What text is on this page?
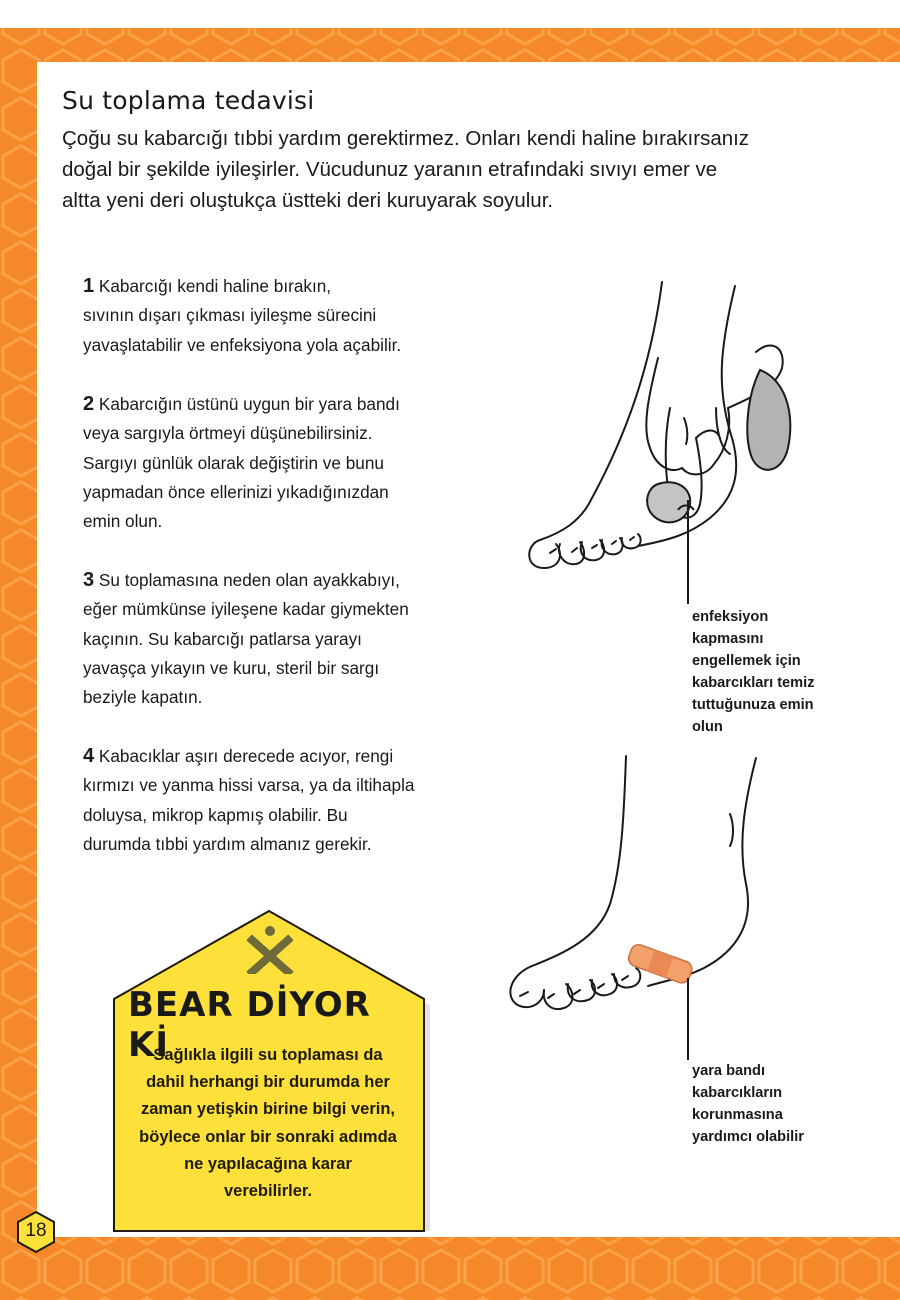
Su toplama tedavisi
Çoğu su kabarcığı tıbbi yardım gerektirmez. Onları kendi haline bırakırsanız
doğal bir şekilde iyileşirler. Vücudunuz yaranın etrafındaki sıvıyı emer ve
altta yeni deri oluştukça üstteki deri kuruyarak soyulur.
1 Kabarcığı kendi haline bırakın,
sıvının dışarı çıkması iyileşme sürecini
yavaşlatabilir ve enfeksiyona yola açabilir.
2 Kabarcığın üstünü uygun bir yara bandı
veya sargıyla örtmeyi düşünebilirsiniz.
Sargıyı günlük olarak değiştirin ve bunu
yapmadan önce ellerinizi yıkadığınızdan
emin olun.
3 Su toplamasına neden olan ayakkabıyı,
eğer mümkünse iyileşene kadar giymekten
kaçının. Su kabarcığı patlarsa yarayı
yavaşça yıkayın ve kuru, steril bir sargı
beziyle kapatın.
4 Kabacıklar aşırı derecede acıyor, rengi
kırmızı ve yanma hissi varsa, ya da iltihapla
doluysa, mikrop kapmış olabilir. Bu
durumda tıbbi yardım almanız gerekir.
enfeksiyon
kapmasını
engellemek için
kabarcıkları temiz
tuttuğunuza emin
olun
yara bandı
kabarcıkların
korunmasına
yardımcı olabilir
BEAR DİYOR Kİ
Sağlıkla ilgili su toplaması da
dahil herhangi bir durumda her
zaman yetişkin birine bilgi verin,
böylece onlar bir sonraki adımda
ne yapılacağına karar
verebilirler.
18
